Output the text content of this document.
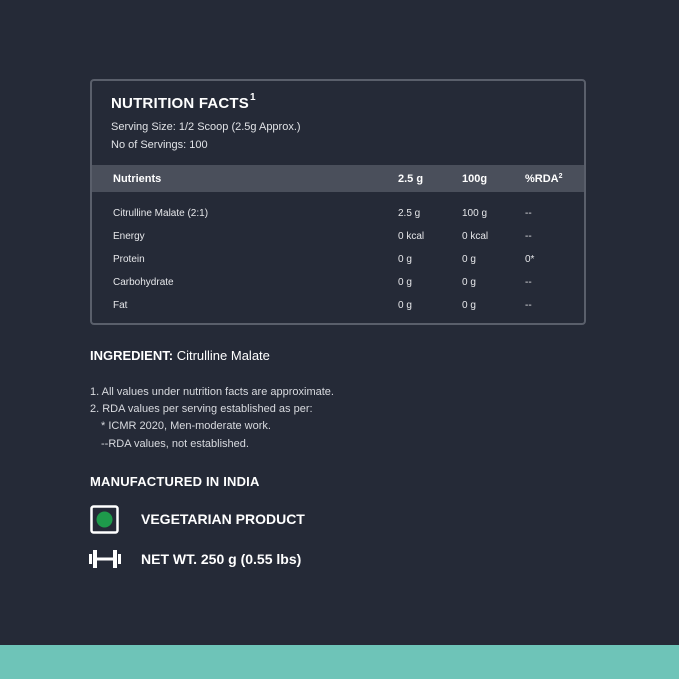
NUTRITION FACTS$^1$
Serving Size: 1/2 Scoop (2.5g Approx.)
No of Servings: 100
Nutrients	2.5 g	100g	%RDA$^2$
Citrulline Malate (2:1)	2.5 g	100 g	--
Energy	0 kcal	0 kcal	--
Protein	0 g	0 g	0*
Carbohydrate	0 g	0 g	--
Fat	0 g	0 g	--
INGREDIENT: Citrulline Malate
1. All values under nutrition facts are approximate.
2. RDA values per serving established as per:
* ICMR 2020, Men-moderate work.
--RDA values, not established.
MANUFACTURED IN INDIA
VEGETARIAN PRODUCT
NET WT. 250 g (0.55 lbs)
